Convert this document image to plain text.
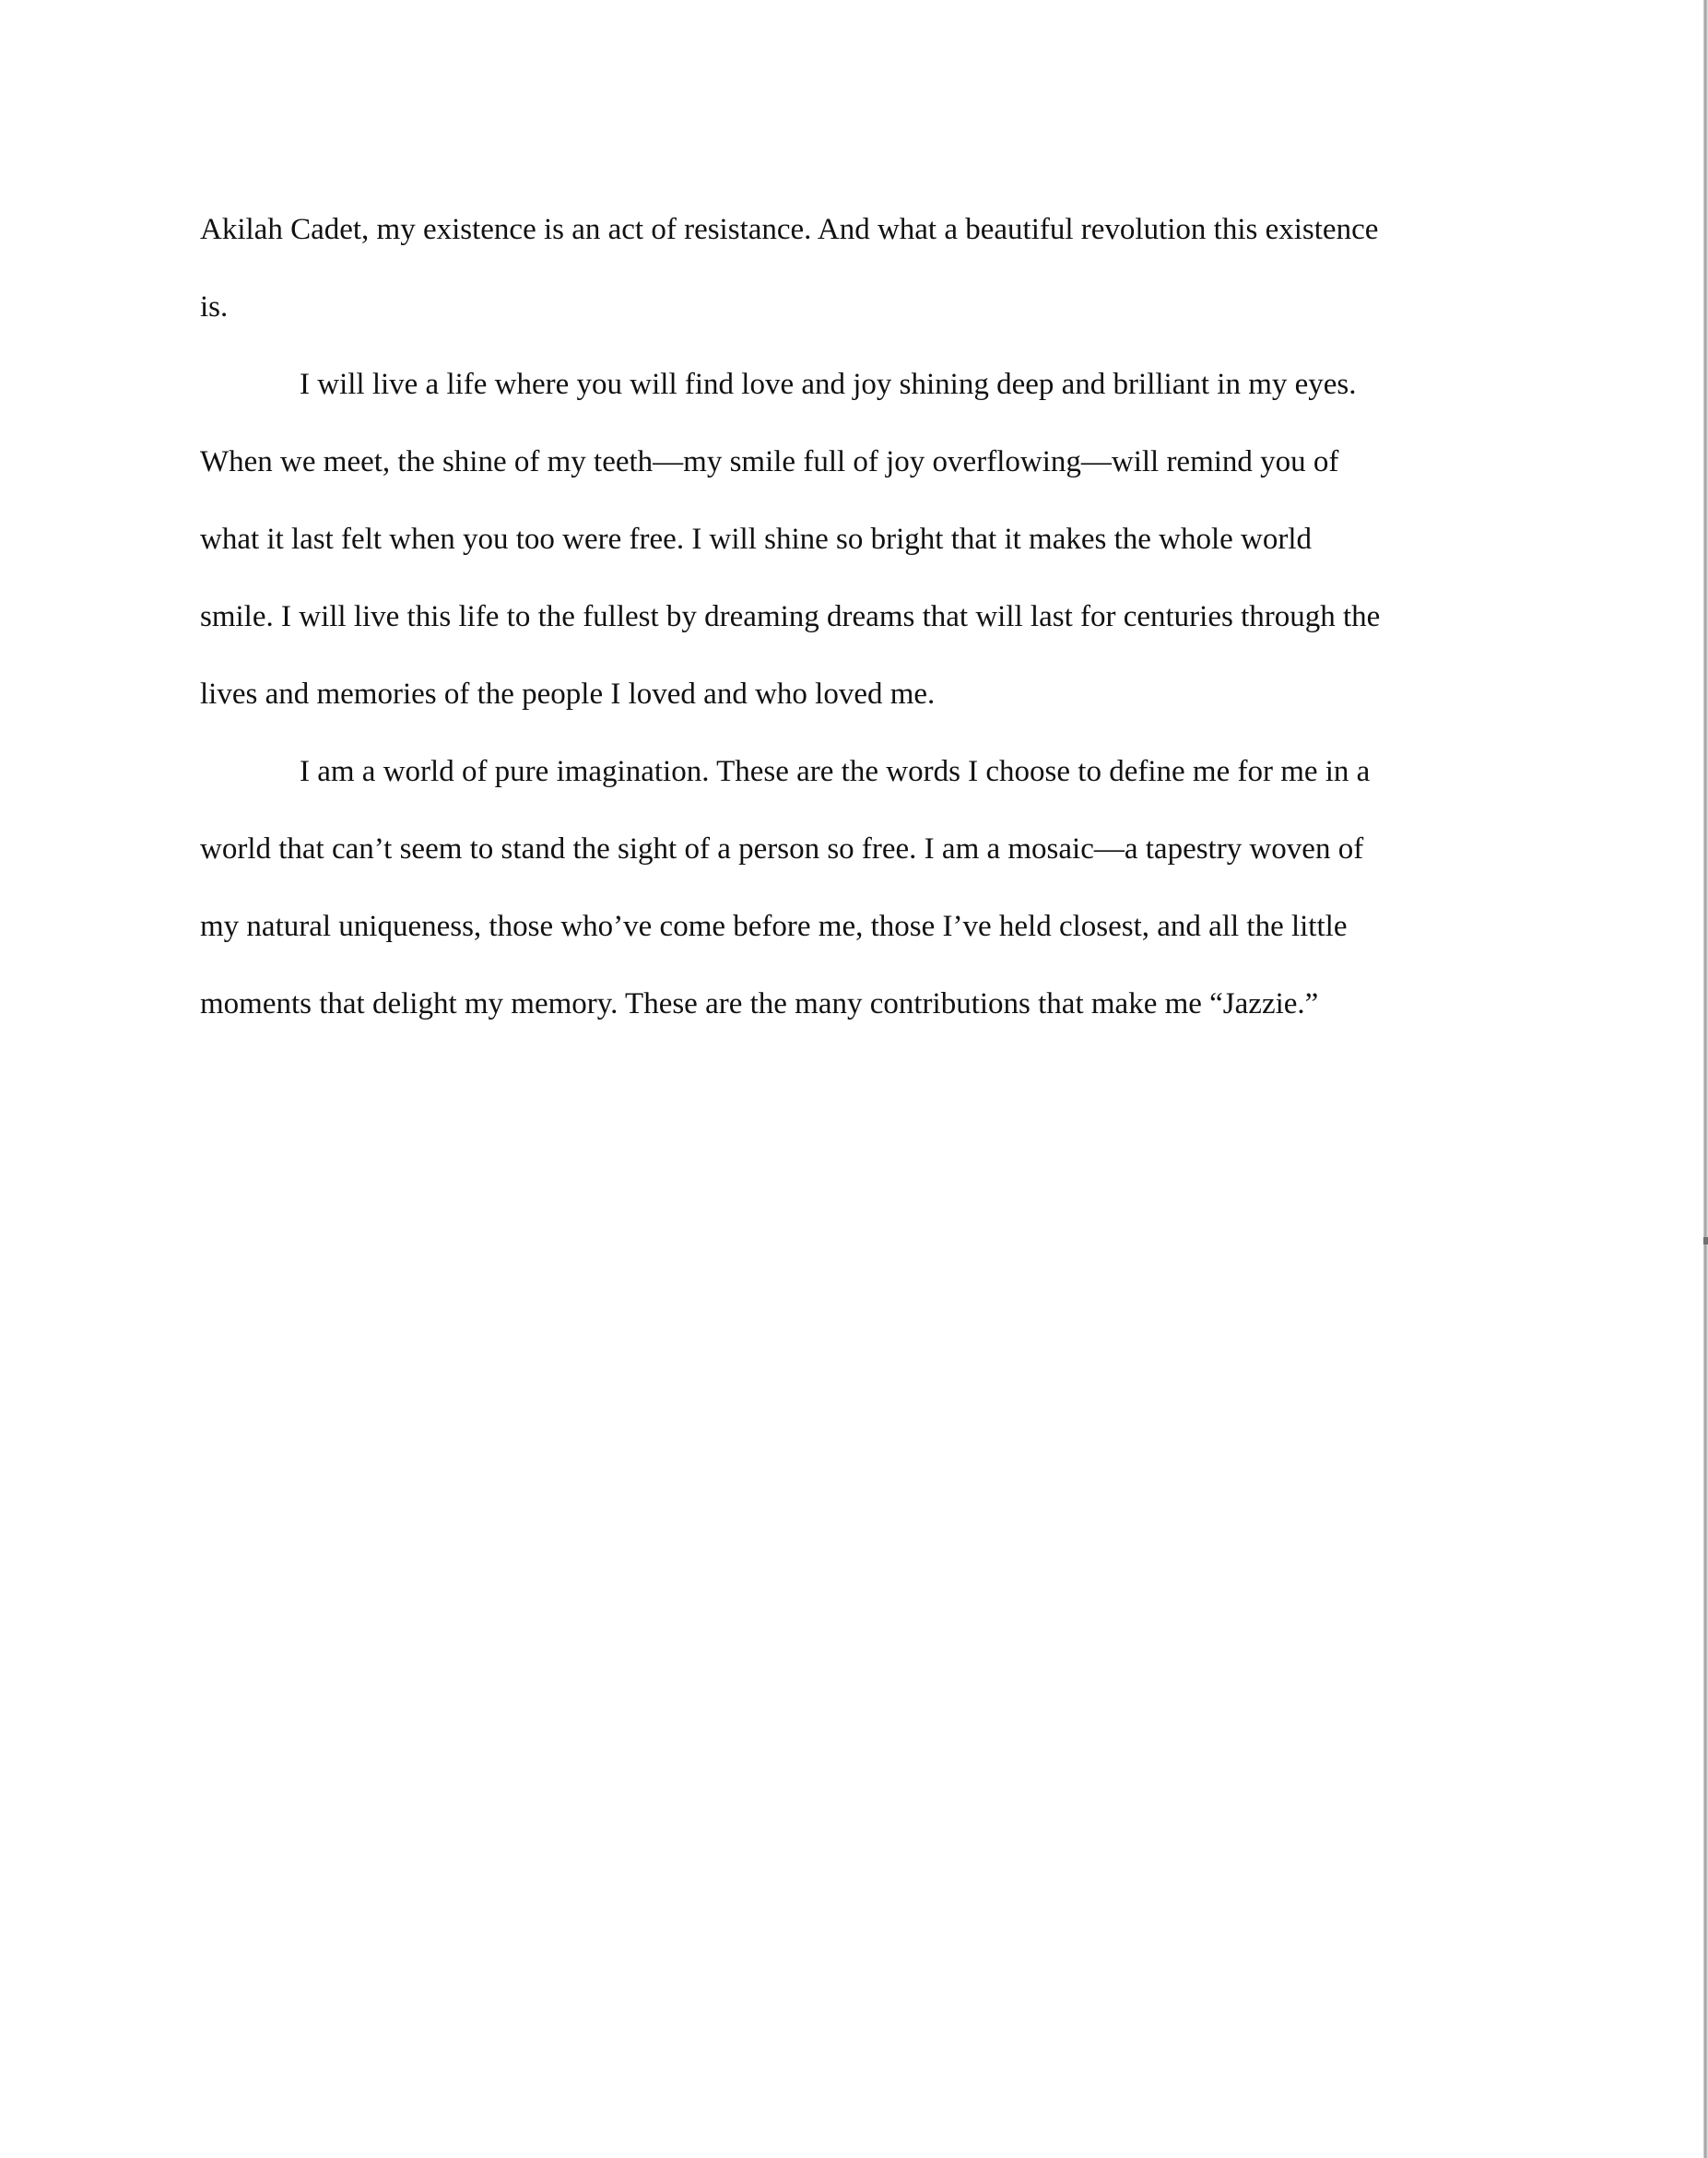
Akilah Cadet, my existence is an act of resistance. And what a beautiful revolution this existence
is.
I will live a life where you will find love and joy shining deep and brilliant in my eyes.
When we meet, the shine of my teeth—my smile full of joy overflowing—will remind you of
what it last felt when you too were free. I will shine so bright that it makes the whole world
smile. I will live this life to the fullest by dreaming dreams that will last for centuries through the
lives and memories of the people I loved and who loved me.
I am a world of pure imagination. These are the words I choose to define me for me in a
world that can’t seem to stand the sight of a person so free. I am a mosaic—a tapestry woven of
my natural uniqueness, those who’ve come before me, those I’ve held closest, and all the little
moments that delight my memory. These are the many contributions that make me “Jazzie.”
